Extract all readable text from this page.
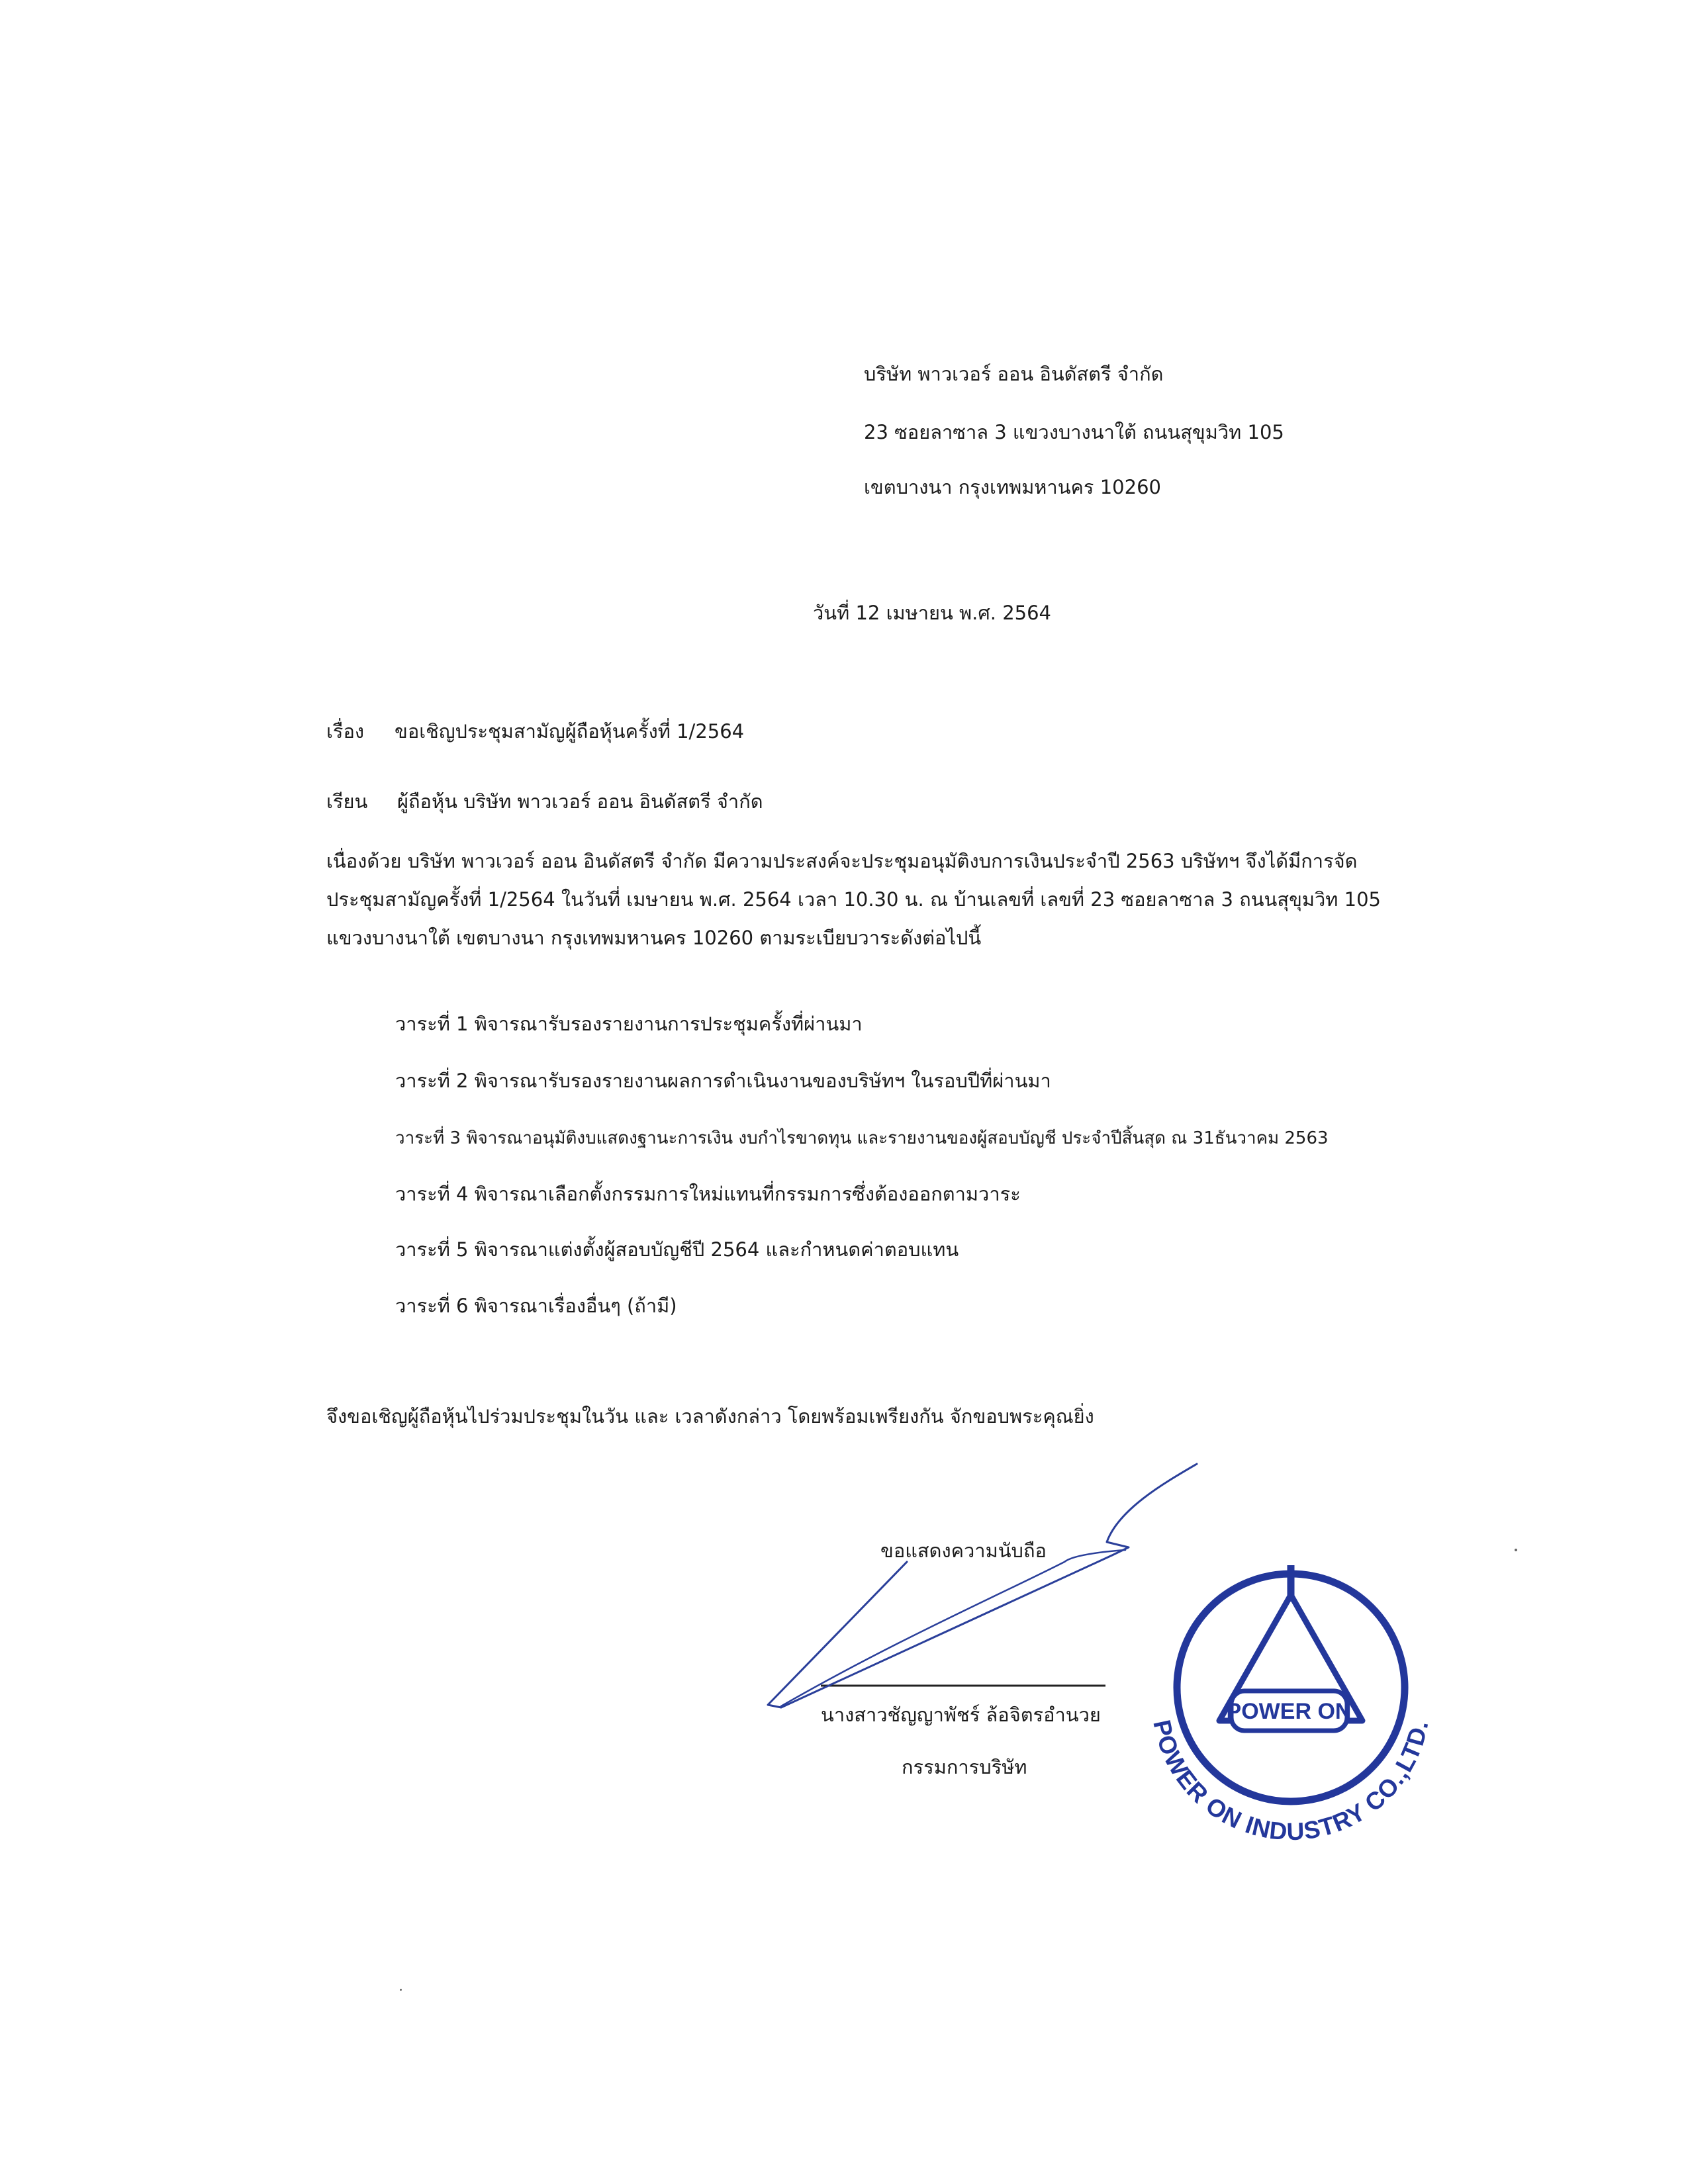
บริษัท พาวเวอร์ ออน อินดัสตรี จำกัด
23 ซอยลาซาล 3 แขวงบางนาใต้ ถนนสุขุมวิท 105
เขตบางนา กรุงเทพมหานคร 10260
วันที่ 12 เมษายน พ.ศ. 2564
เรื่อง ขอเชิญประชุมสามัญผู้ถือหุ้นครั้งที่ 1/2564
เรียน ผู้ถือหุ้น บริษัท พาวเวอร์ ออน อินดัสตรี จำกัด
เนื่องด้วย บริษัท พาวเวอร์ ออน อินดัสตรี จำกัด มีความประสงค์จะประชุมอนุมัติงบการเงินประจำปี 2563 บริษัทฯ จึงได้มีการจัด
ประชุมสามัญครั้งที่ 1/2564 ในวันที่ เมษายน พ.ศ. 2564 เวลา 10.30 น. ณ บ้านเลขที่ เลขที่ 23 ซอยลาซาล 3 ถนนสุขุมวิท 105
แขวงบางนาใต้ เขตบางนา กรุงเทพมหานคร 10260 ตามระเบียบวาระดังต่อไปนี้
วาระที่ 1 พิจารณารับรองรายงานการประชุมครั้งที่ผ่านมา
วาระที่ 2 พิจารณารับรองรายงานผลการดำเนินงานของบริษัทฯ ในรอบปีที่ผ่านมา
วาระที่ 3 พิจารณาอนุมัติงบแสดงฐานะการเงิน งบกำไรขาดทุน และรายงานของผู้สอบบัญชี ประจำปีสิ้นสุด ณ 31ธันวาคม 2563
วาระที่ 4 พิจารณาเลือกตั้งกรรมการใหม่แทนที่กรรมการซึ่งต้องออกตามวาระ
วาระที่ 5 พิจารณาแต่งตั้งผู้สอบบัญชีปี 2564 และกำหนดค่าตอบแทน
วาระที่ 6 พิจารณาเรื่องอื่นๆ (ถ้ามี)
จึงขอเชิญผู้ถือหุ้นไปร่วมประชุมในวัน และ เวลาดังกล่าว โดยพร้อมเพรียงกัน จักขอบพระคุณยิ่ง
ขอแสดงความนับถือ
นางสาวชัญญาพัชร์ ล้อจิตรอำนวย
กรรมการบริษัท
POWER ON
POWER ON INDUSTRY CO.,LTD.
